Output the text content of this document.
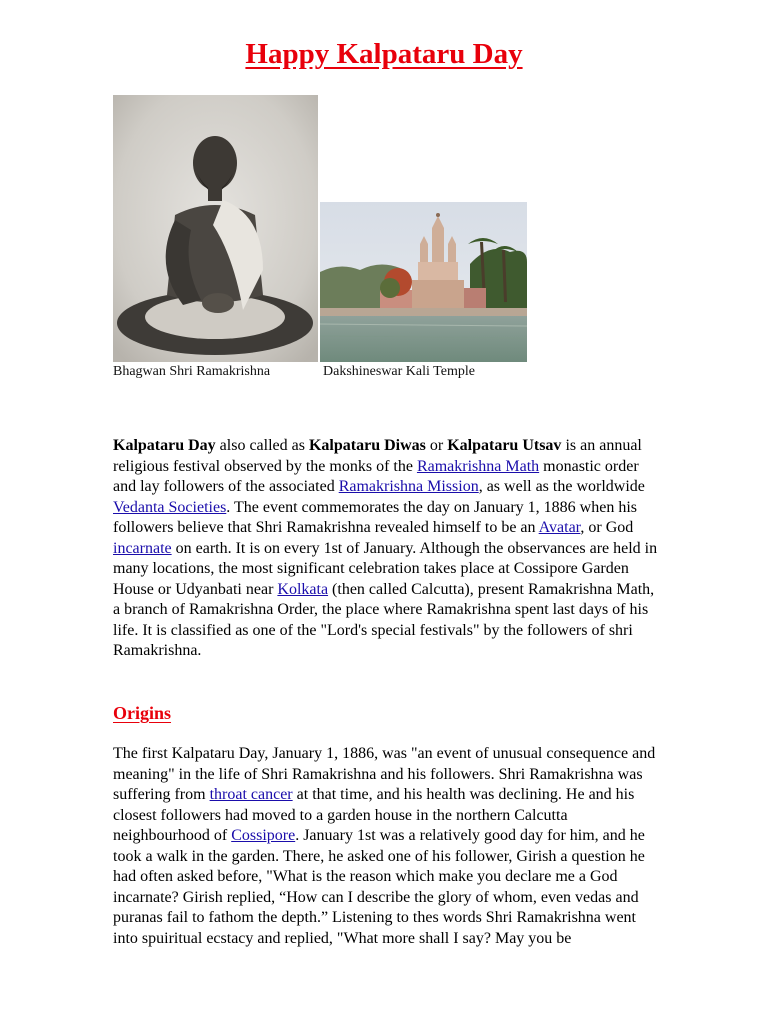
Happy Kalpataru Day
Bhagwan Shri Ramakrishna	Dakshineswar Kali Temple

Kalpataru Day also called as Kalpataru Diwas or Kalpataru Utsav is an annual religious festival observed by the monks of the Ramakrishna Math monastic order and lay followers of the associated Ramakrishna Mission, as well as the worldwide Vedanta Societies. The event commemorates the day on January 1, 1886 when his followers believe that Shri Ramakrishna revealed himself to be an Avatar, or God incarnate on earth. It is on every 1st of January. Although the observances are held in many locations, the most significant celebration takes place at Cossipore Garden House or Udyanbati near Kolkata (then called Calcutta), present Ramakrishna Math, a branch of Ramakrishna Order, the place where Ramakrishna spent last days of his life. It is classified as one of the "Lord's special festivals" by the followers of shri Ramakrishna.

Origins

The first Kalpataru Day, January 1, 1886, was "an event of unusual consequence and meaning" in the life of Shri Ramakrishna and his followers. Shri Ramakrishna was suffering from throat cancer at that time, and his health was declining. He and his closest followers had moved to a garden house in the northern Calcutta neighbourhood of Cossipore. January 1st was a relatively good day for him, and he took a walk in the garden. There, he asked one of his follower, Girish a question he had often asked before, "What is the reason which make you declare me a God incarnate? Girish replied, “How can I describe the glory of whom, even vedas and puranas fail to fathom the depth.” Listening to thes words Shri Ramakrishna went into spuiritual ecstacy and replied, "What more shall I say? May you be
